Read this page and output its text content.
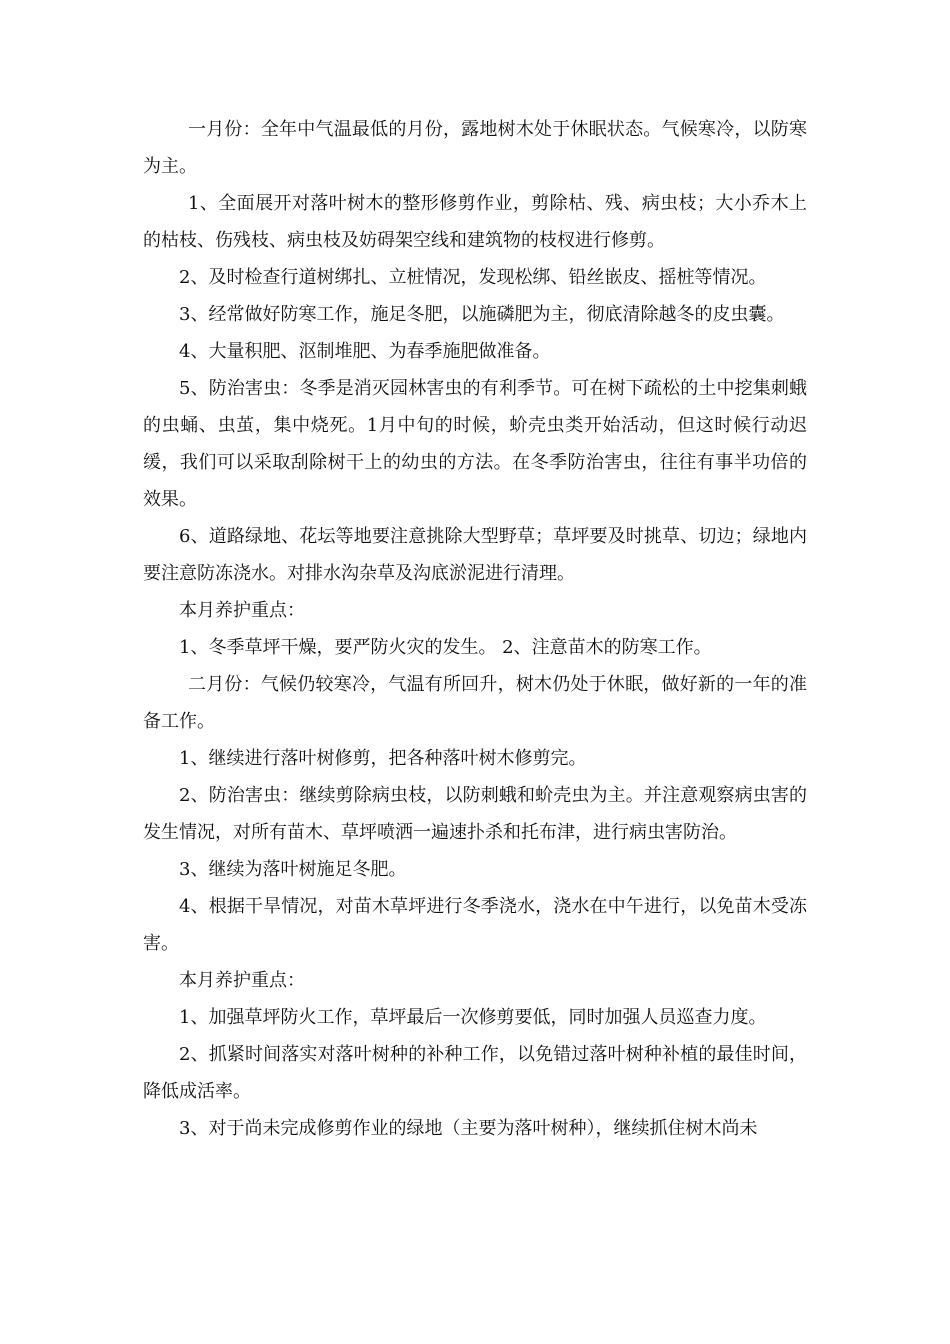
一月份：全年中气温最低的月份，露地树木处于休眠状态。气候寒冷，以防寒为主。

1、全面展开对落叶树木的整形修剪作业，剪除枯、残、病虫枝；大小乔木上的枯枝、伤残枝、病虫枝及妨碍架空线和建筑物的枝杈进行修剪。

2、及时检查行道树绑扎、立桩情况，发现松绑、铅丝嵌皮、摇桩等情况。

3、经常做好防寒工作，施足冬肥，以施磷肥为主，彻底清除越冬的皮虫囊。

4、大量积肥、沤制堆肥、为春季施肥做准备。

5、防治害虫：冬季是消灭园林害虫的有利季节。可在树下疏松的土中挖集刺蛾的虫蛹、虫茧，集中烧死。1月中旬的时候，蚧壳虫类开始活动，但这时候行动迟缓，我们可以采取刮除树干上的幼虫的方法。在冬季防治害虫，往往有事半功倍的效果。

6、道路绿地、花坛等地要注意挑除大型野草；草坪要及时挑草、切边；绿地内要注意防冻浇水。对排水沟杂草及沟底淤泥进行清理。

本月养护重点：

1、冬季草坪干燥，要严防火灾的发生。 2、注意苗木的防寒工作。

二月份：气候仍较寒冷，气温有所回升，树木仍处于休眠，做好新的一年的准备工作。

1、继续进行落叶树修剪，把各种落叶树木修剪完。

2、防治害虫：继续剪除病虫枝，以防刺蛾和蚧壳虫为主。并注意观察病虫害的发生情况，对所有苗木、草坪喷洒一遍速扑杀和托布津，进行病虫害防治。

3、继续为落叶树施足冬肥。

4、根据干旱情况，对苗木草坪进行冬季浇水，浇水在中午进行，以免苗木受冻害。

本月养护重点：

1、加强草坪防火工作，草坪最后一次修剪要低，同时加强人员巡查力度。

2、抓紧时间落实对落叶树种的补种工作，以免错过落叶树种补植的最佳时间，降低成活率。

3、对于尚未完成修剪作业的绿地（主要为落叶树种），继续抓住树木尚未
